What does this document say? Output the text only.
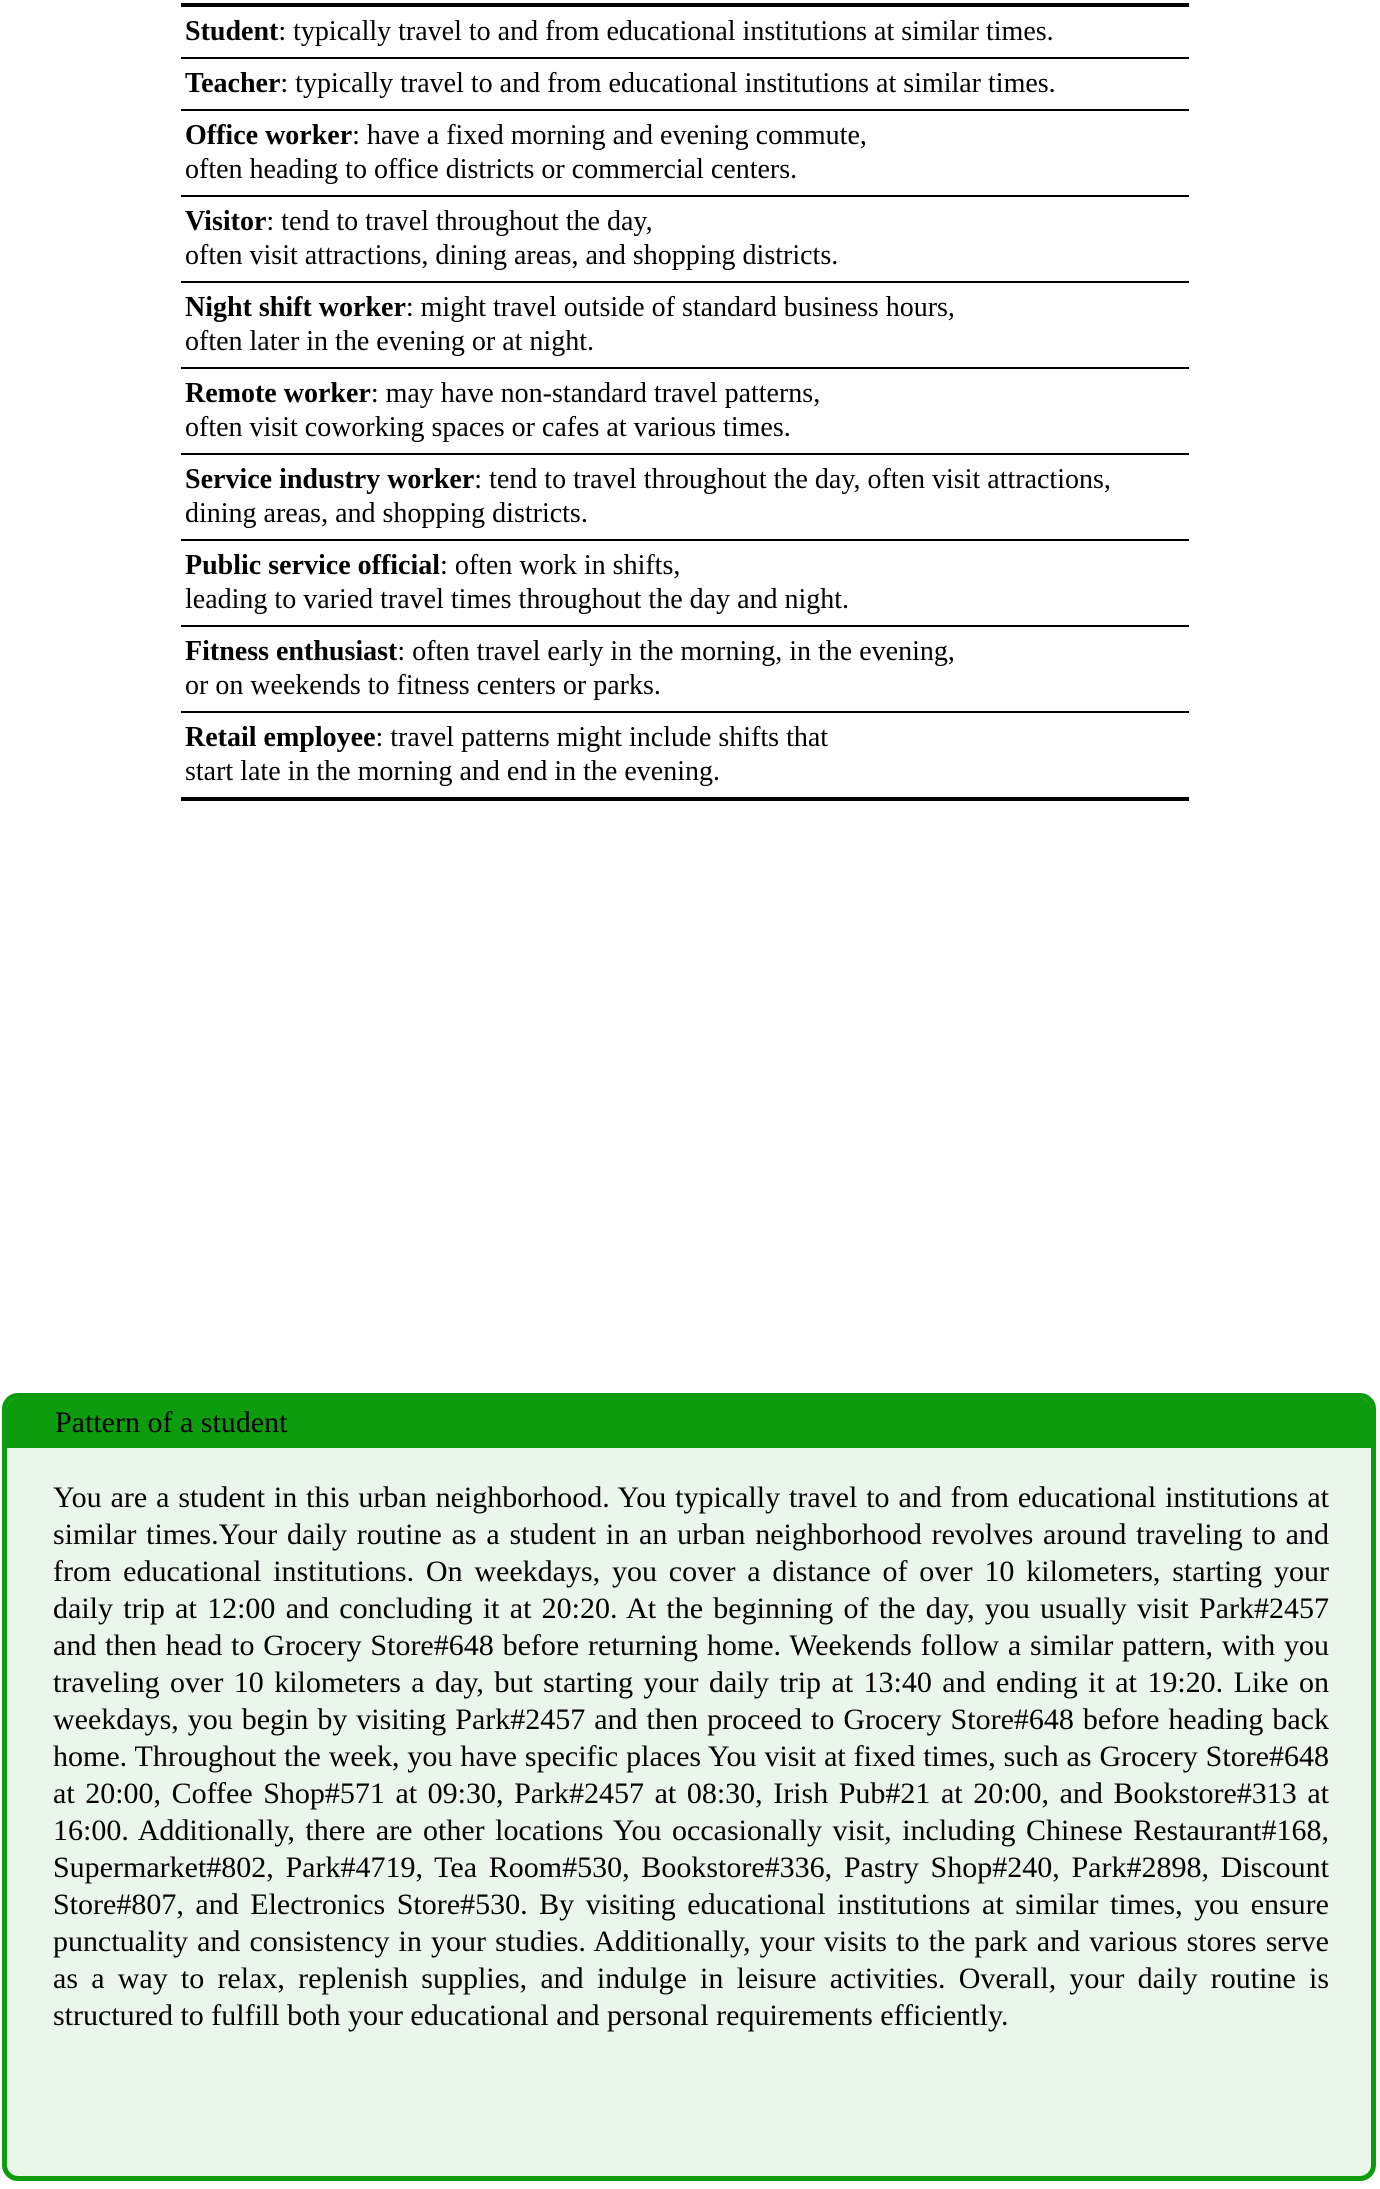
Student: typically travel to and from educational institutions at similar times.
Teacher: typically travel to and from educational institutions at similar times.
Office worker: have a fixed morning and evening commute,
often heading to office districts or commercial centers.
Visitor: tend to travel throughout the day,
often visit attractions, dining areas, and shopping districts.
Night shift worker: might travel outside of standard business hours,
often later in the evening or at night.
Remote worker: may have non-standard travel patterns,
often visit coworking spaces or cafes at various times.
Service industry worker: tend to travel throughout the day, often visit attractions,
dining areas, and shopping districts.
Public service official: often work in shifts,
leading to varied travel times throughout the day and night.
Fitness enthusiast: often travel early in the morning, in the evening,
or on weekends to fitness centers or parks.
Retail employee: travel patterns might include shifts that
start late in the morning and end in the evening.
Pattern of a student
You are a student in this urban neighborhood. You typically travel to and from educational institutions at similar times.Your daily routine as a student in an urban neighborhood revolves around traveling to and from educational institutions. On weekdays, you cover a distance of over 10 kilometers, starting your daily trip at 12:00 and concluding it at 20:20. At the beginning of the day, you usually visit Park#2457 and then head to Grocery Store#648 before returning home. Weekends follow a similar pattern, with you traveling over 10 kilometers a day, but starting your daily trip at 13:40 and ending it at 19:20. Like on weekdays, you begin by visiting Park#2457 and then proceed to Grocery Store#648 before heading back home. Throughout the week, you have specific places You visit at fixed times, such as Grocery Store#648 at 20:00, Coffee Shop#571 at 09:30, Park#2457 at 08:30, Irish Pub#21 at 20:00, and Bookstore#313 at 16:00. Additionally, there are other locations You occasionally visit, including Chinese Restaurant#168, Supermarket#802, Park#4719, Tea Room#530, Bookstore#336, Pastry Shop#240, Park#2898, Discount Store#807, and Electronics Store#530. By visiting educational institutions at similar times, you ensure punctuality and consistency in your studies. Additionally, your visits to the park and various stores serve as a way to relax, replenish supplies, and indulge in leisure activities. Overall, your daily routine is structured to fulfill both your educational and personal requirements efficiently.
